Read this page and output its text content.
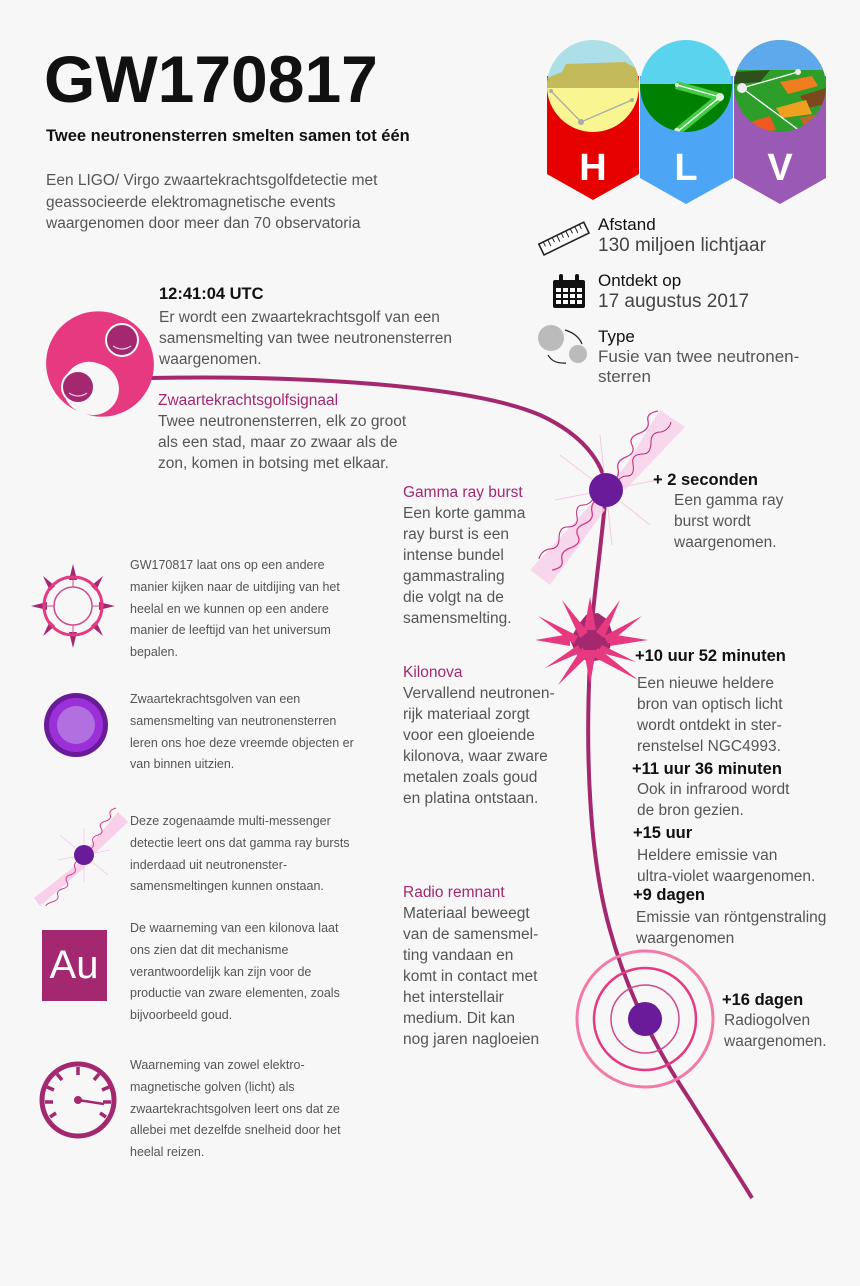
H L V
Au
GW170817
Twee neutronensterren smelten samen tot één
Een LIGO/ Virgo zwaartekrachtsgolfdetectie met geassocieerde elektromagnetische events waargenomen door meer dan 70 observatoria	Afstand
130 miljoen lichtjaar
Ontdekt op
17 augustus 2017
Type
Fusie van twee neutronen-
sterren
12:41:04 UTC
Er wordt een zwaartekrachtsgolf van een
samensmelting van twee neutronensterren
waargenomen.
Zwaartekrachtsgolfsignaal
Twee neutronensterren, elk zo groot
als een stad, maar zo zwaar als de
zon, komen in botsing met elkaar.
Gamma ray burst
Een korte gamma
ray burst is een
intense bundel
gammastraling
die volgt na de
samensmelting.
+ 2 seconden
Een gamma ray
burst wordt
waargenomen.
Kilonova
Vervallend neutronen-
rijk materiaal zorgt
voor een gloeiende
kilonova, waar zware
metalen zoals goud
en platina ontstaan.
+10 uur 52 minuten
Een nieuwe heldere
bron van optisch licht
wordt ontdekt in ster-
renstelsel NGC4993.
+11 uur 36 minuten
Ook in infrarood wordt
de bron gezien.
+15 uur
Heldere emissie van
ultra-violet waargenomen.
+9 dagen
Emissie van röntgenstraling
waargenomen
Radio remnant
Materiaal beweegt
van de samensmel-
ting vandaan en
komt in contact met
het interstellair
medium. Dit kan
nog jaren nagloeien
+16 dagen
Radiogolven
waargenomen.
GW170817 laat ons op een andere
manier kijken naar de uitdijing van het
heelal en we kunnen op een andere
manier de leeftijd van het universum
bepalen.
Zwaartekrachtsgolven van een
samensmelting van neutronensterren
leren ons hoe deze vreemde objecten er
van binnen uitzien.
Deze zogenaamde multi-messenger
detectie leert ons dat gamma ray bursts
inderdaad uit neutronenster-
samensmeltingen kunnen onstaan.
De waarneming van een kilonova laat
ons zien dat dit mechanisme
verantwoordelijk kan zijn voor de
productie van zware elementen, zoals
bijvoorbeeld goud.
Waarneming van zowel elektro-
magnetische golven (licht) als
zwaartekrachtsgolven leert ons dat ze
allebei met dezelfde snelheid door het
heelal reizen.
